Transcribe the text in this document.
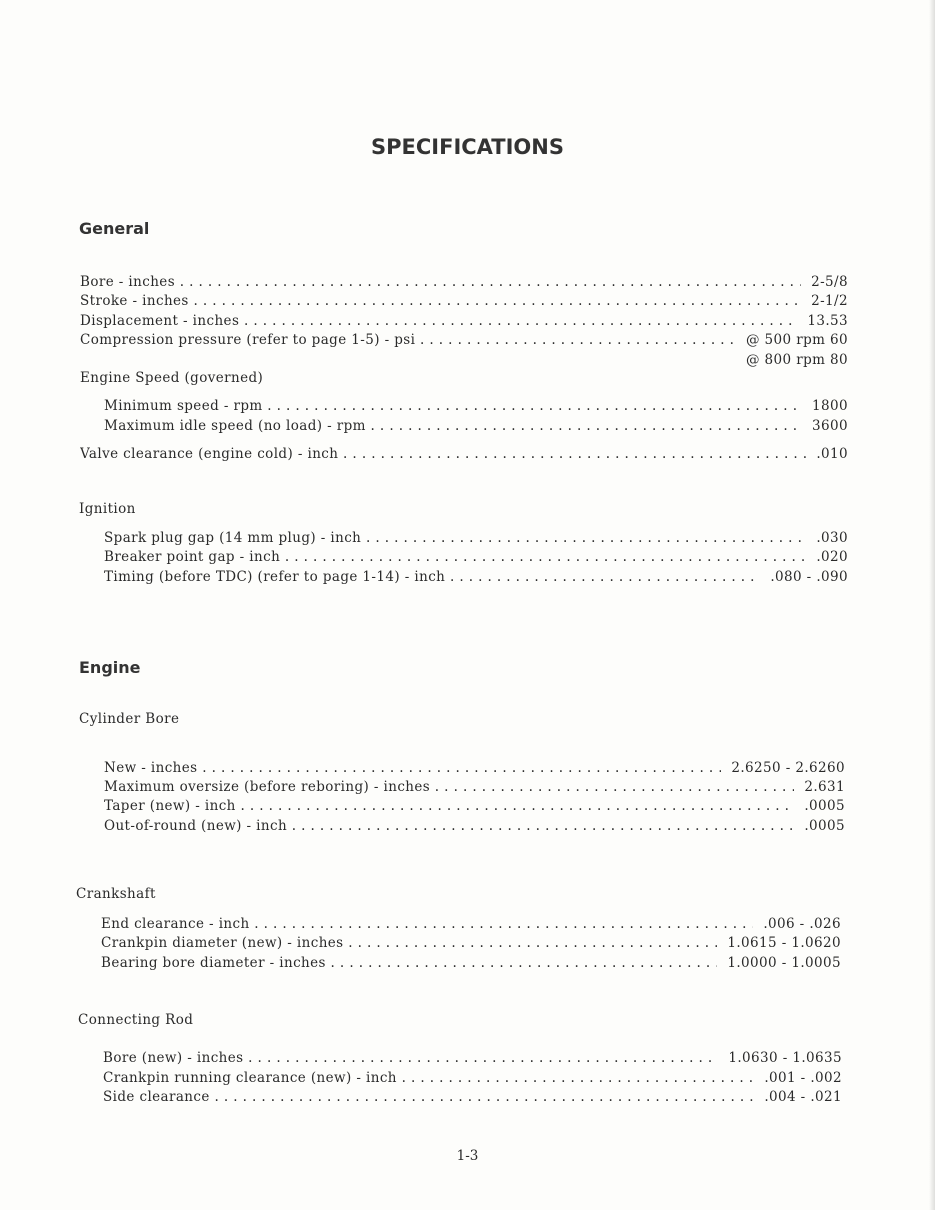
SPECIFICATIONS
General
Bore - inches . . .	2-5/8
Stroke - inches . . .	2-1/2
Displacement - inches . . .	13.53
Compression pressure (refer to page 1-5) - psi . . .	@ 500 rpm 60
@ 800 rpm 80
Engine Speed (governed)
Minimum speed - rpm . . .	1800
Maximum idle speed (no load) - rpm . . .	3600
Valve clearance (engine cold) - inch . . .	.010
Ignition
Spark plug gap (14 mm plug) - inch . . .	.030
Breaker point gap - inch . . .	.020
Timing (before TDC) (refer to page 1-14) - inch . . .	.080 - .090
Engine
Cylinder Bore
New - inches . . .	2.6250 - 2.6260
Maximum oversize (before reboring) - inches . . .	2.631
Taper (new) - inch . . .	.0005
Out-of-round (new) - inch . . .	.0005
Crankshaft
End clearance - inch . . .	.006 - .026
Crankpin diameter (new) - inches . . .	1.0615 - 1.0620
Bearing bore diameter - inches . . .	1.0000 - 1.0005
Connecting Rod
Bore (new) - inches . . .	1.0630 - 1.0635
Crankpin running clearance (new) - inch . . .	.001 - .002
Side clearance . . .	.004 - .021
1-3
